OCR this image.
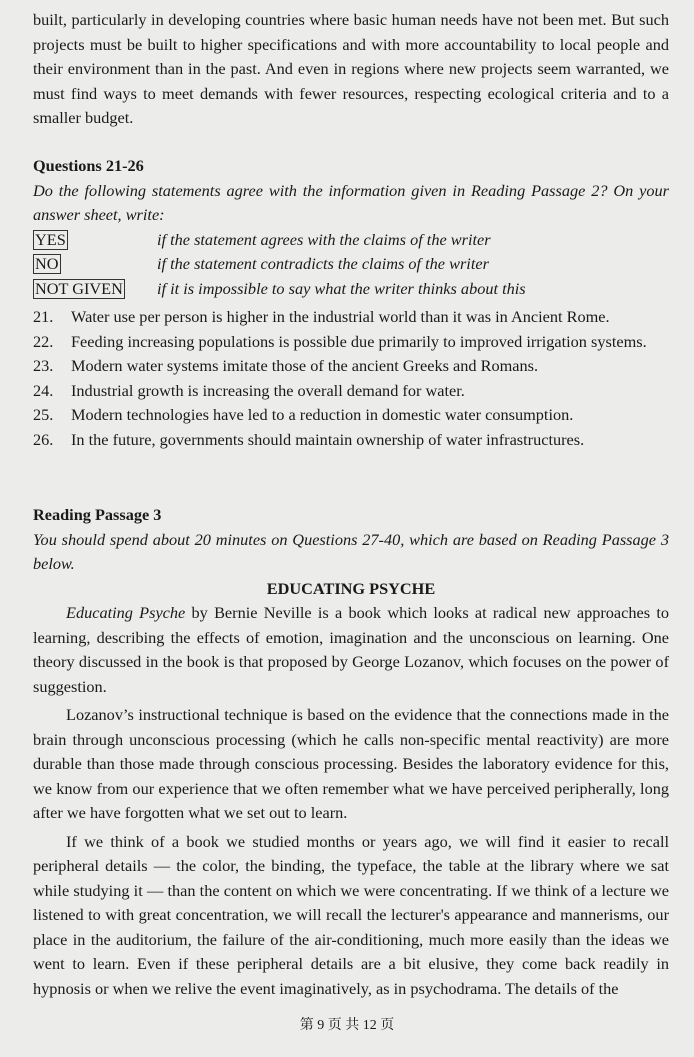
built, particularly in developing countries where basic human needs have not been met. But such projects must be built to higher specifications and with more accountability to local people and their environment than in the past. And even in regions where new projects seem warranted, we must find ways to meet demands with fewer resources, respecting ecological criteria and to a smaller budget.

Questions 21-26

Do the following statements agree with the information given in Reading Passage 2? On your answer sheet, write:

YES	if the statement agrees with the claims of the writer
NO	if the statement contradicts the claims of the writer
NOT GIVEN	if it is impossible to say what the writer thinks about this
21.	Water use per person is higher in the industrial world than it was in Ancient Rome.
22.	Feeding increasing populations is possible due primarily to improved irrigation systems.
23.	Modern water systems imitate those of the ancient Greeks and Romans.
24.	Industrial growth is increasing the overall demand for water.
25.	Modern technologies have led to a reduction in domestic water consumption.
26.	In the future, governments should maintain ownership of water infrastructures.
Reading Passage 3

You should spend about 20 minutes on Questions 27-40, which are based on Reading Passage 3 below.

EDUCATING PSYCHE

Educating Psyche by Bernie Neville is a book which looks at radical new approaches to learning, describing the effects of emotion, imagination and the unconscious on learning. One theory discussed in the book is that proposed by George Lozanov, which focuses on the power of suggestion.

Lozanov’s instructional technique is based on the evidence that the connections made in the brain through unconscious processing (which he calls non-specific mental reactivity) are more durable than those made through conscious processing. Besides the laboratory evidence for this, we know from our experience that we often remember what we have perceived peripherally, long after we have forgotten what we set out to learn.

If we think of a book we studied months or years ago, we will find it easier to recall peripheral details — the color, the binding, the typeface, the table at the library where we sat while studying it — than the content on which we were concentrating. If we think of a lecture we listened to with great concentration, we will recall the lecturer's appearance and mannerisms, our place in the auditorium, the failure of the air-conditioning, much more easily than the ideas we went to learn. Even if these peripheral details are a bit elusive, they come back readily in hypnosis or when we relive the event imaginatively, as in psychodrama. The details of the

第 9 页 共 12 页
